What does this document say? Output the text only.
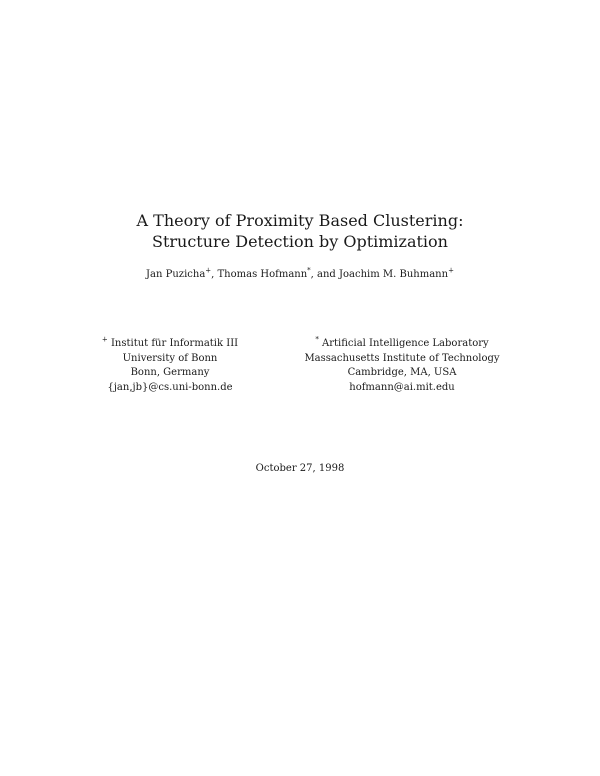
A Theory of Proximity Based Clustering:
Structure Detection by Optimization
Jan Puzicha+, Thomas Hofmann*, and Joachim M. Buhmann+
+ Institut für Informatik III
University of Bonn
Bonn, Germany
{jan,jb}@cs.uni-bonn.de
* Artificial Intelligence Laboratory
Massachusetts Institute of Technology
Cambridge, MA, USA
hofmann@ai.mit.edu
October 27, 1998
